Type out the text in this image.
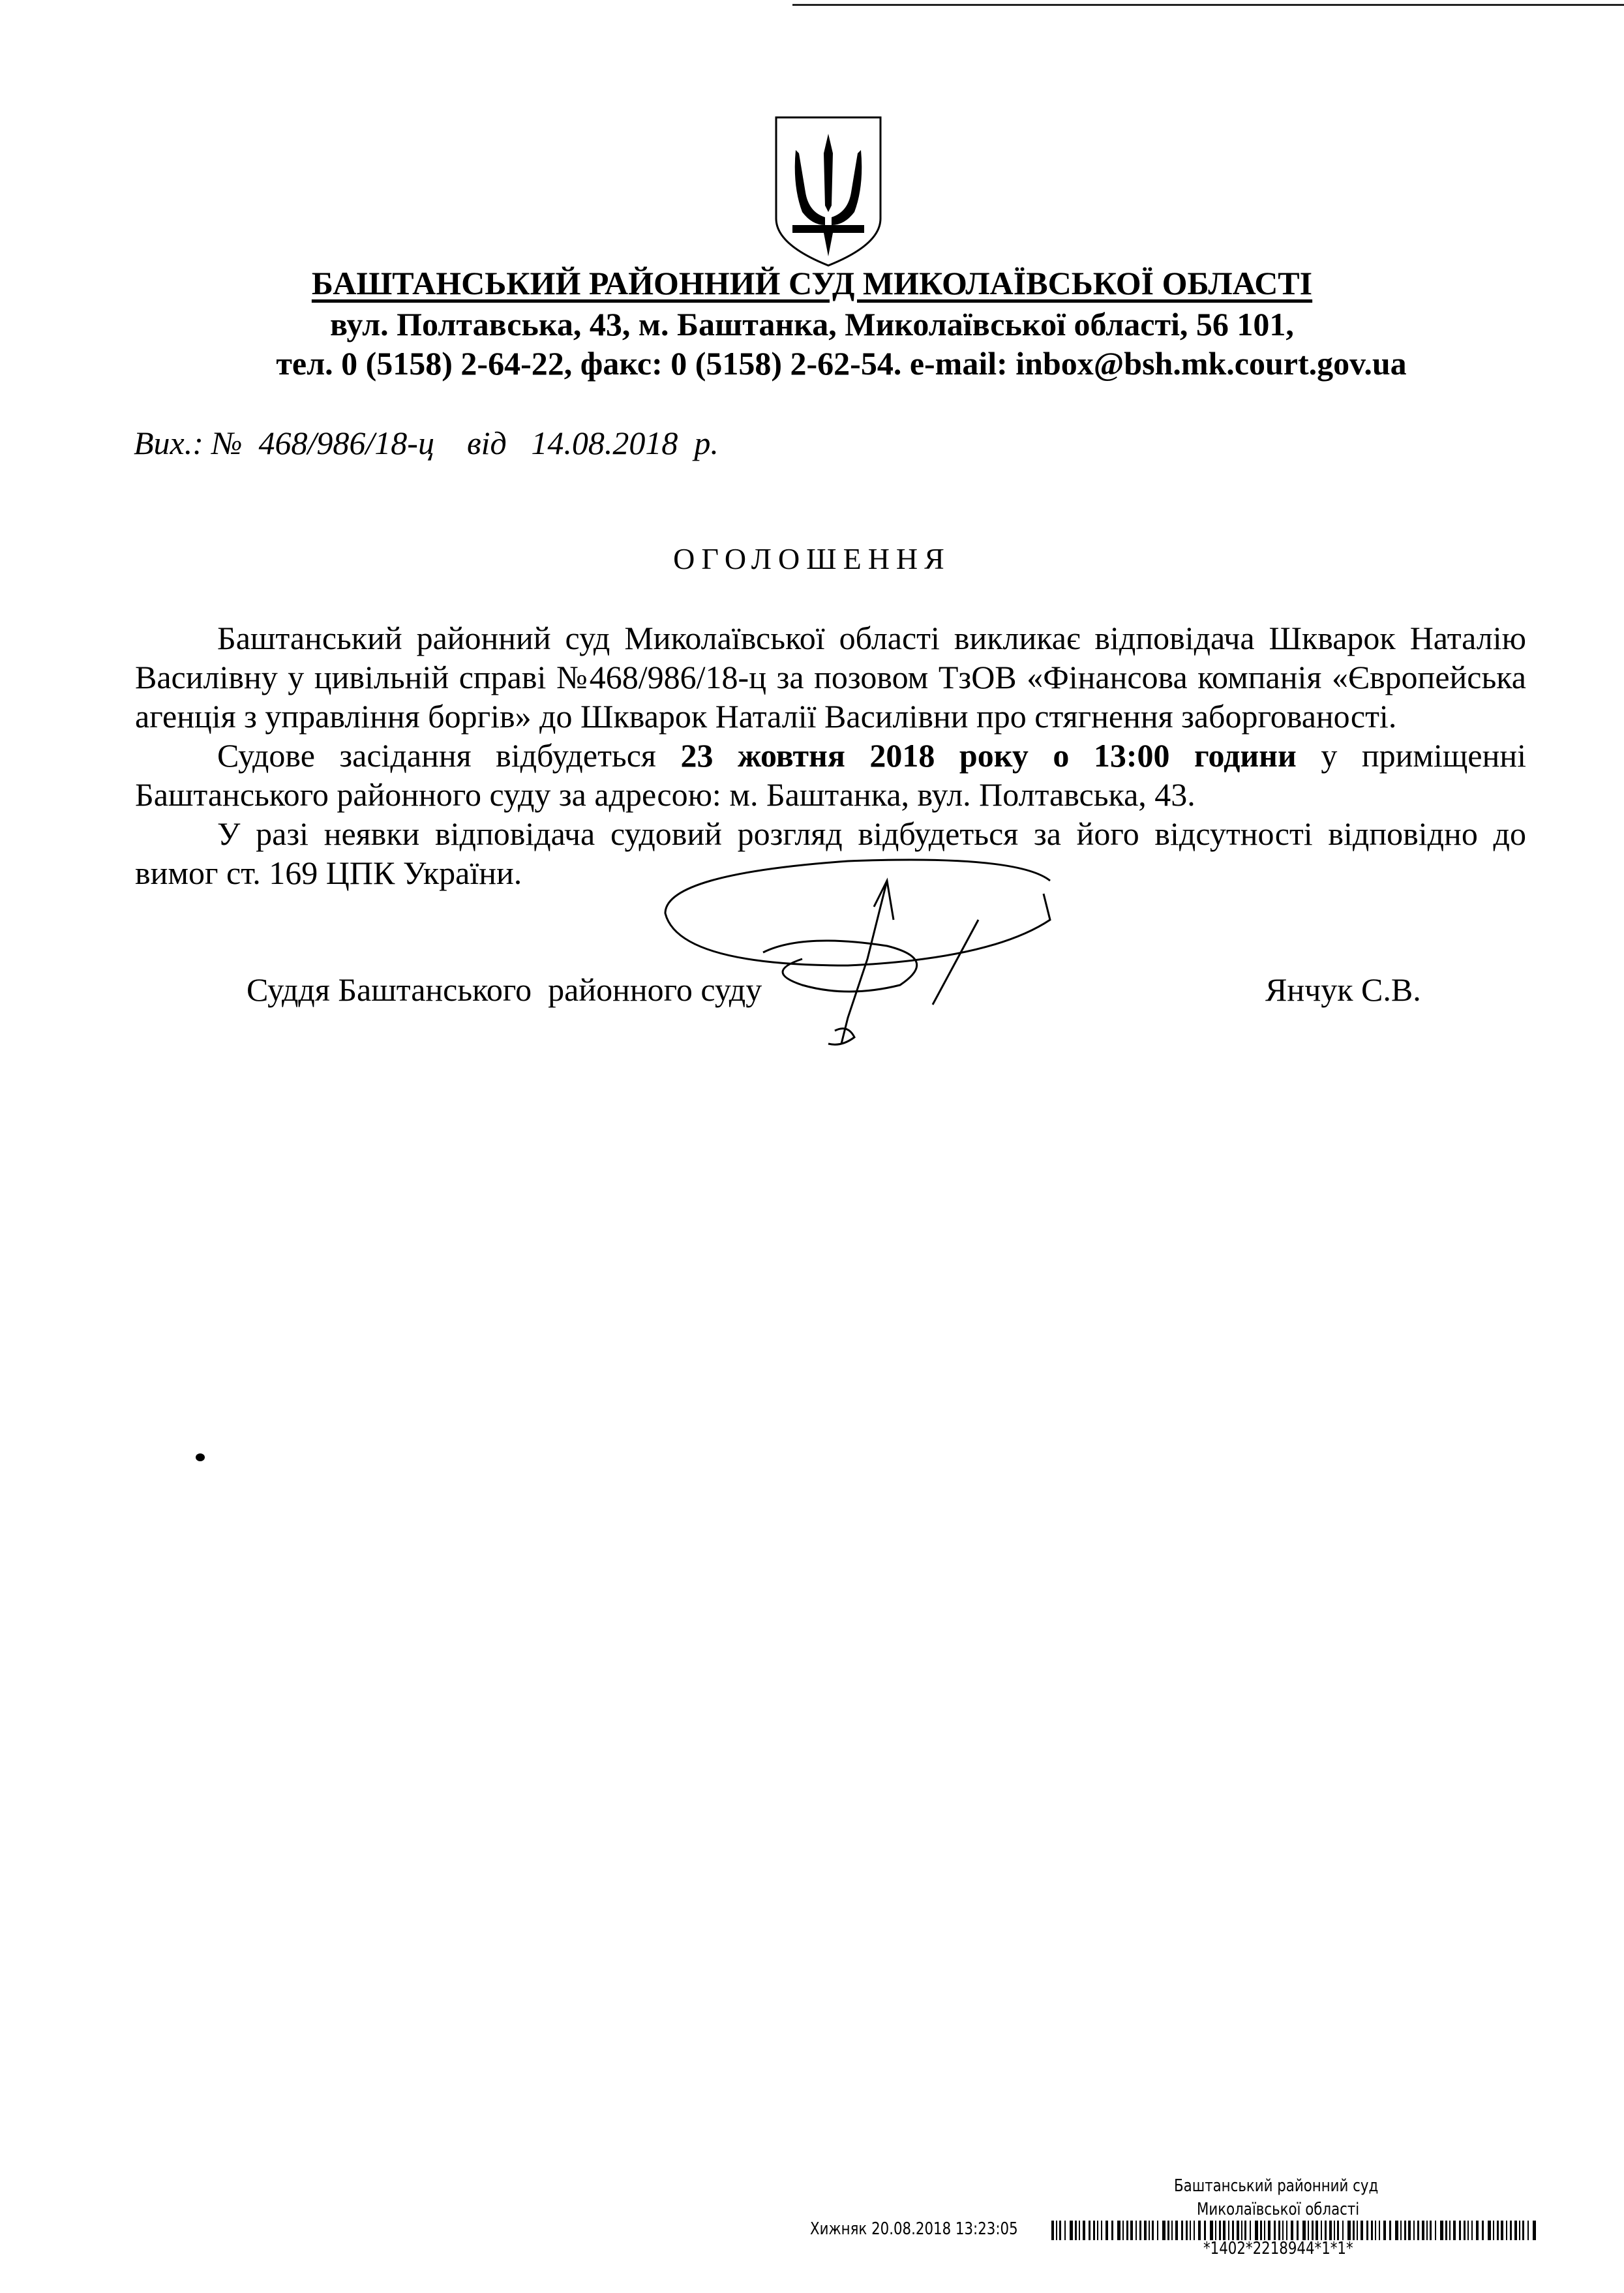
БАШТАНСЬКИЙ РАЙОННИЙ СУД МИКОЛАЇВСЬКОЇ ОБЛАСТІ
вул. Полтавська, 43, м. Баштанка, Миколаївської області, 56 101,
тел. 0 (5158) 2-64-22, факс: 0 (5158) 2-62-54. e-mail: inbox@bsh.mk.court.gov.ua
Вих.: №  468/986/18-ц    від   14.08.2018  р.
ОГОЛОШЕННЯ

Баштанський районний суд Миколаївської області викликає відповідача Шкварок Наталію Василівну у цивільній справі №468/986/18-ц за позовом ТзОВ «Фінансова компанія «Європейська агенція з управління боргів» до Шкварок Наталії Василівни про стягнення заборгованості.

Судове засідання відбудеться 23 жовтня 2018 року о 13:00 години у приміщенні Баштанського районного суду за адресою: м. Баштанка, вул. Полтавська, 43.

У разі неявки відповідача судовий розгляд відбудеться за його відсутності відповідно до вимог ст. 169 ЦПК України.

Суддя Баштанського  районного суду	Янчук С.В.
Баштанський районний суд
Миколаївської області
Хижняк 20.08.2018 13:23:05
*1402*2218944*1*1*
